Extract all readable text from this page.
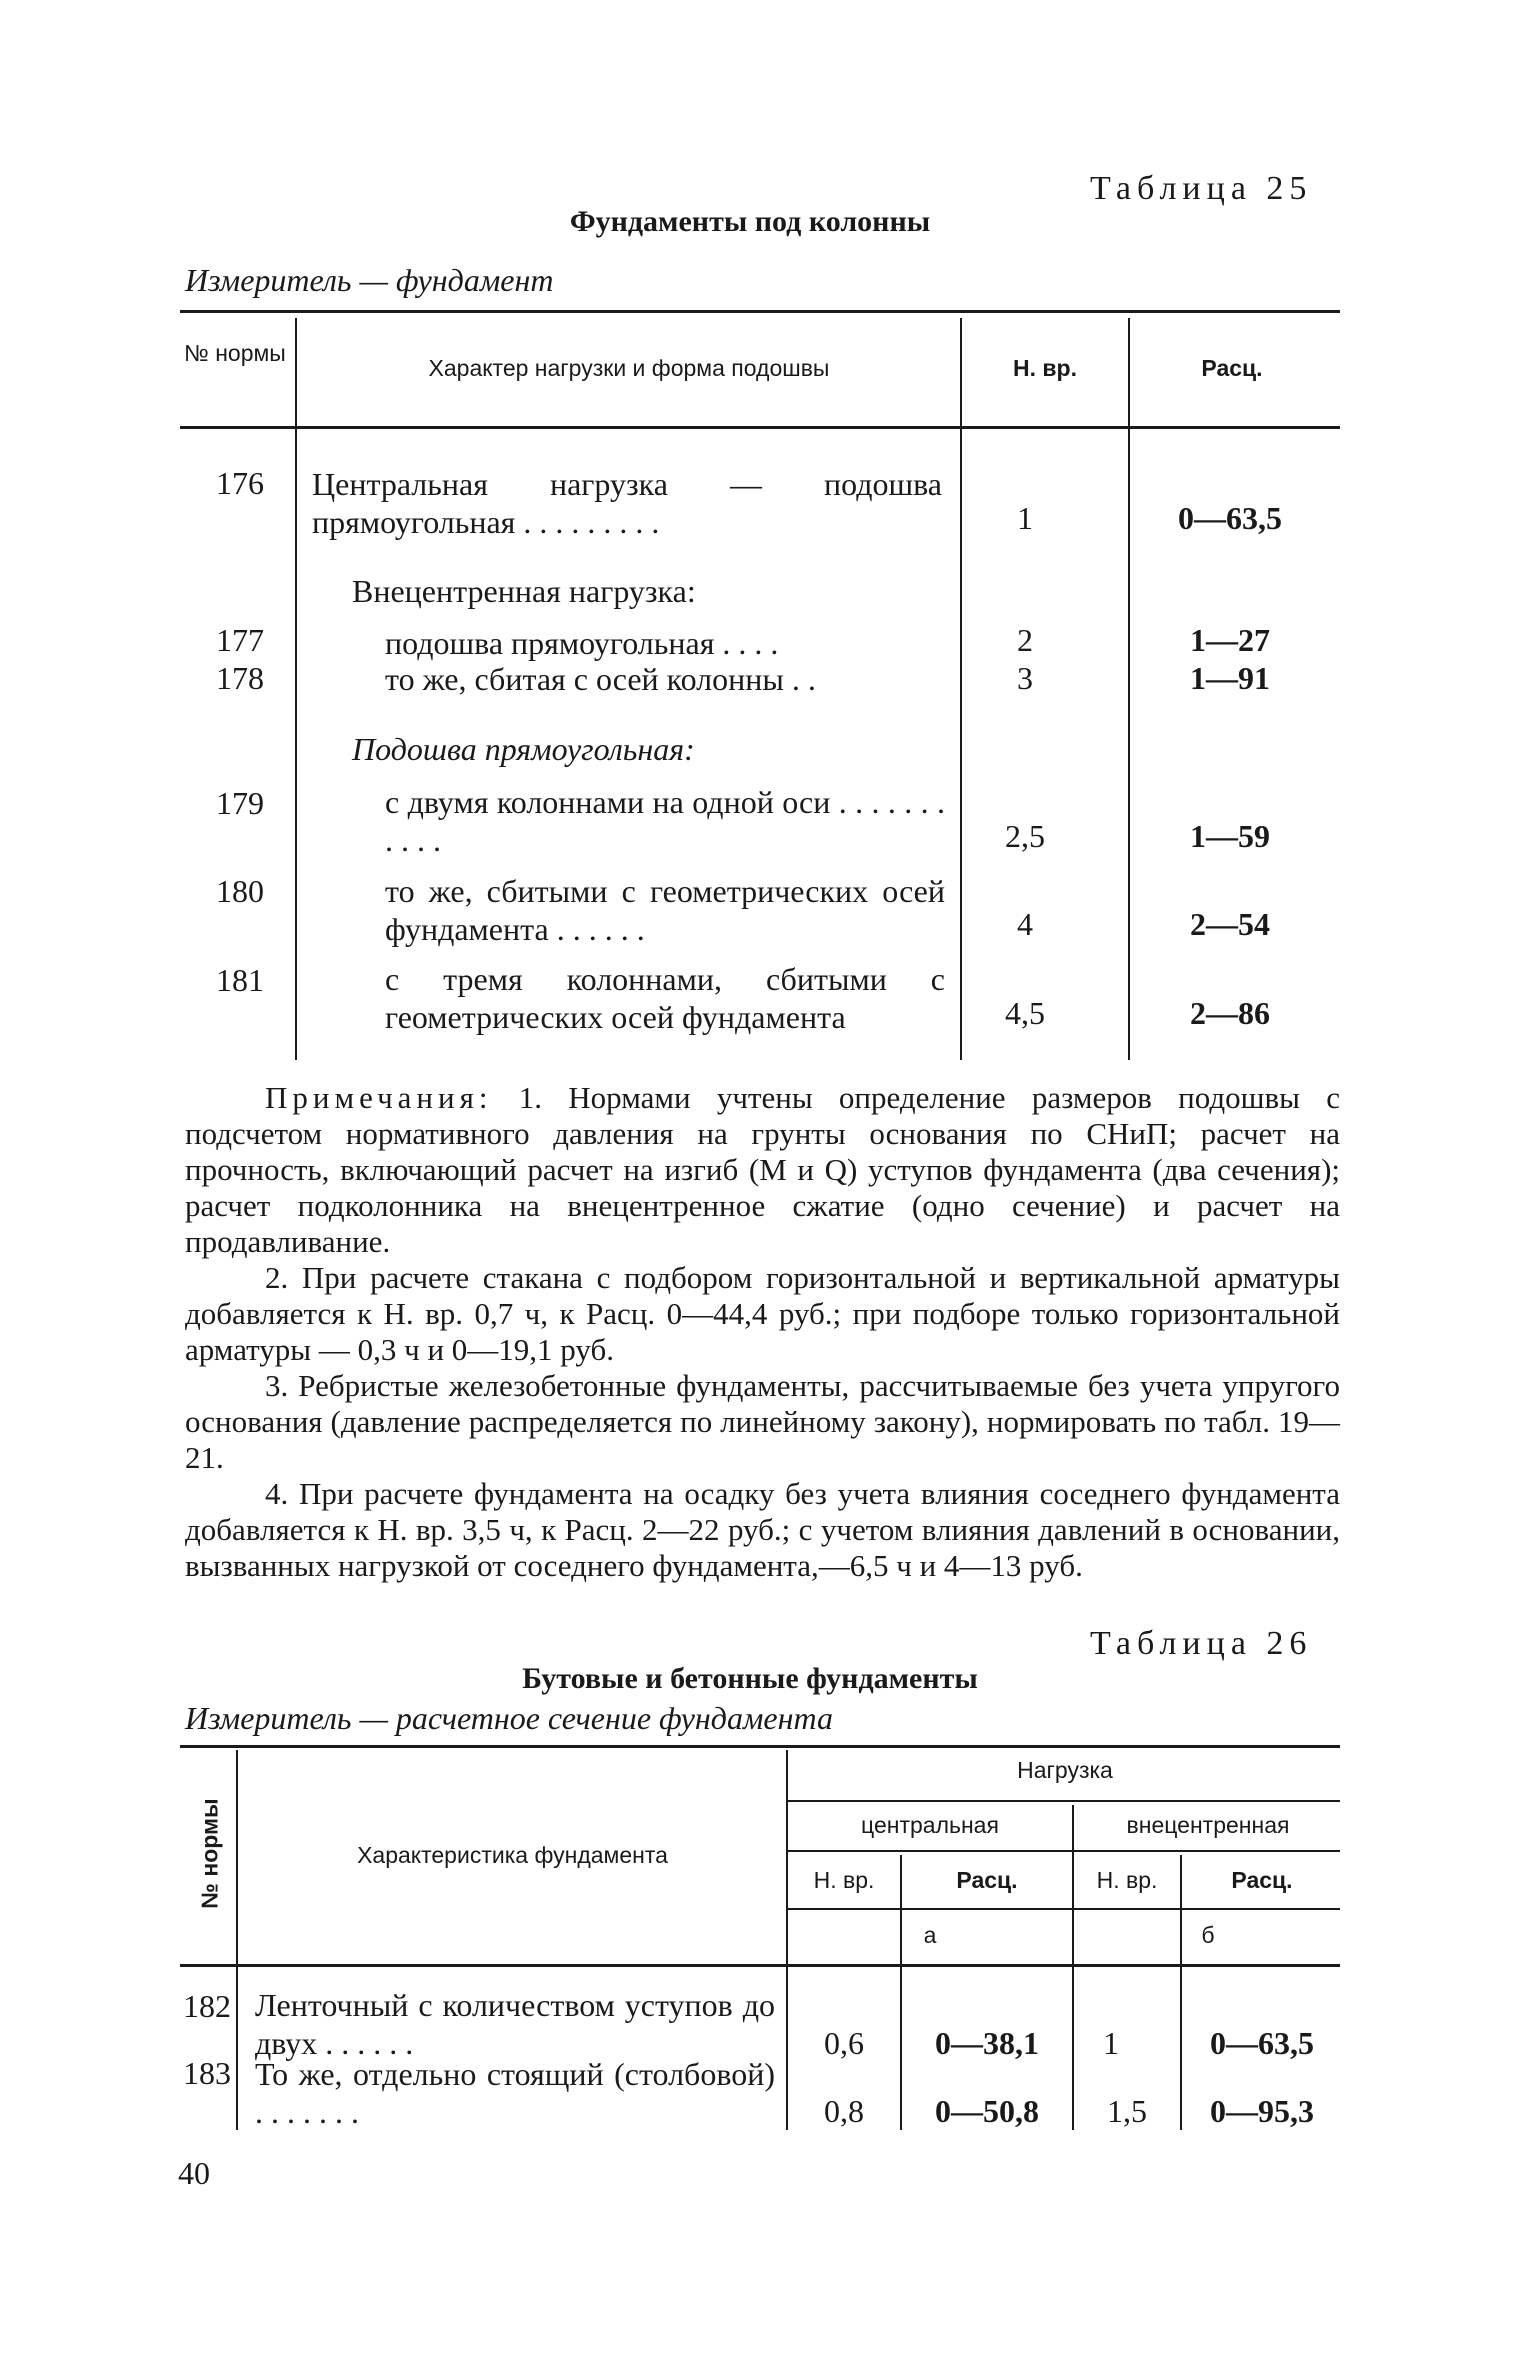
Таблица 25
Фундаменты под колонны
Измеритель — фундамент
№ нормы
Характер нагрузки и форма подошвы	Н. вр.	Расц.
176	Центральная нагрузка — подошва прямоугольная . . . . . . . . .	1	0—63,5
Внецентренная нагрузка:
177	подошва прямоугольная . . . .	2	1—27
178	то же, сбитая с осей колонны . .	3	1—91
Подошва прямоугольная:
179	с двумя колоннами на одной оси . . . . . . . . . . .	2,5	1—59
180	то же, сбитыми с геометрических осей фундамента . . . . . .	4	2—54
181	с тремя колоннами, сбитыми с геометрических осей фундамента	4,5	2—86

Примечания: 1. Нормами учтены определение размеров подошвы с подсчетом нормативного давления на грунты основания по СНиП; расчет на прочность, включающий расчет на изгиб (М и Q) уступов фундамента (два сечения); расчет подколонника на внецентренное сжатие (одно сечение) и расчет на продавливание.

2. При расчете стакана с подбором горизонтальной и вертикальной арматуры добавляется к Н. вр. 0,7 ч, к Расц. 0—44,4 руб.; при подборе только горизонтальной арматуры — 0,3 ч и 0—19,1 руб.

3. Ребристые железобетонные фундаменты, рассчитываемые без учета упругого основания (давление распределяется по линейному закону), нормировать по табл. 19—21.

4. При расчете фундамента на осадку без учета влияния соседнего фундамента добавляется к Н. вр. 3,5 ч, к Расц. 2—22 руб.; с учетом влияния давлений в основании, вызванных нагрузкой от соседнего фундамента,—6,5 ч и 4—13 руб.

Таблица 26
Бутовые и бетонные фундаменты
Измеритель — расчетное сечение фундамента
№ нормы	Характеристика фундамента
Нагрузка
центральная	внецентренная
Н. вр.	Расц.	Н. вр.	Расц.
а	б
182 Ленточный с количеством уступов до двух . . . . . .	0,6	0—38,1	1	0—63,5
183 То же, отдельно стоящий (столбовой) . . . . . . .	0,8	0—50,8	1,5	0—95,3
40
